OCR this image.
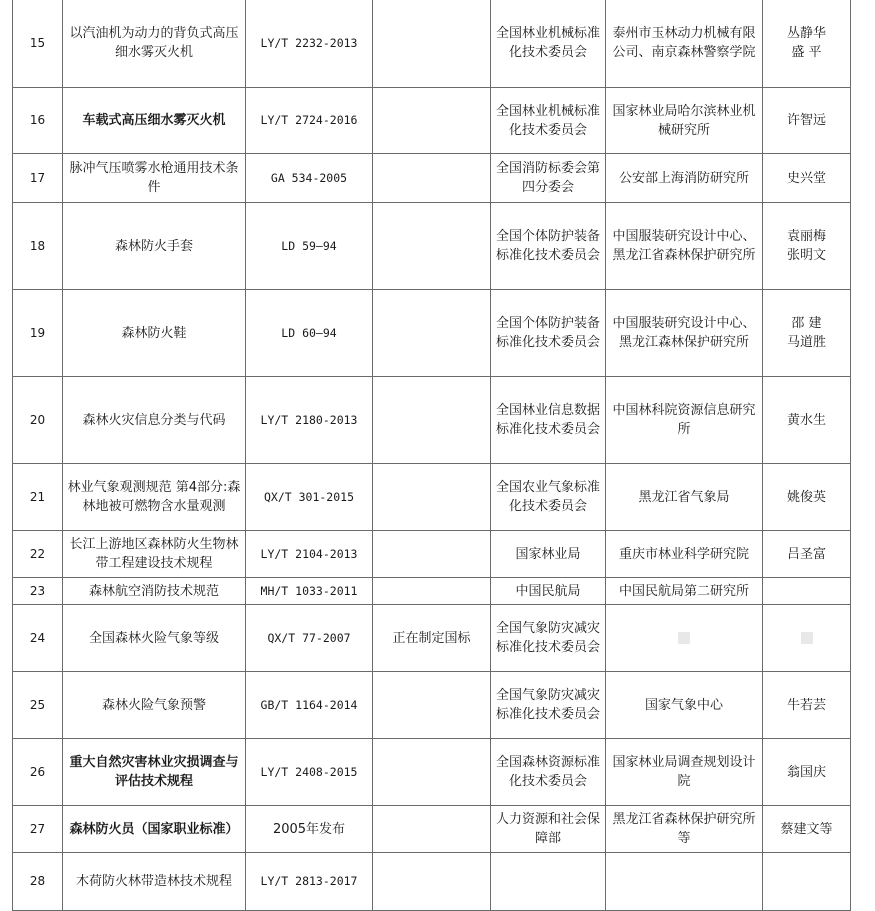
15	以汽油机为动力的背负式高压细水雾灭火机	LY/T 2232-2013		全国林业机械标准化技术委员会	泰州市玉林动力机械有限公司、南京森林警察学院	丛静华
盛 平
16	车载式高压细水雾灭火机	LY/T 2724-2016		全国林业机械标准化技术委员会	国家林业局哈尔滨林业机械研究所	许智远
17	脉冲气压喷雾水枪通用技术条件	GA 534-2005		全国消防标委会第四分委会	公安部上海消防研究所	史兴堂
18	森林防火手套	LD 59—94		全国个体防护装备
标准化技术委员会	中国服装研究设计中心、黑龙江省森林保护研究所	袁丽梅
张明文
19	森林防火鞋	LD 60—94		全国个体防护装备
标准化技术委员会	中国服装研究设计中心、黑龙江森林保护研究所	邵 建
马道胜
20	森林火灾信息分类与代码	LY/T 2180-2013		全国林业信息数据
标准化技术委员会	中国林科院资源信息研究所	黄水生
21	林业气象观测规范 第4部分:森林地被可燃物含水量观测	QX/T 301-2015		全国农业气象标准化技术委员会	黑龙江省气象局	姚俊英
22	长江上游地区森林防火生物林带工程建设技术规程	LY/T 2104-2013		国家林业局	重庆市林业科学研究院	吕圣富
23	森林航空消防技术规范	MH/T 1033-2011		中国民航局	中国民航局第二研究所	
24	全国森林火险气象等级	QX/T 77-2007	正在制定国标	全国气象防灾减灾标准化技术委员会		
25	森林火险气象预警	GB/T 1164-2014		全国气象防灾减灾标准化技术委员会	国家气象中心	牛若芸
26	重大自然灾害林业灾损调查与评估技术规程	LY/T 2408-2015		全国森林资源标准化技术委员会	国家林业局调查规划设计院	翁国庆
27	森林防火员（国家职业标准）	2005年发布		人力资源和社会保障部	黑龙江省森林保护研究所等	蔡建文等
28	木荷防火林带造林技术规程	LY/T 2813-2017				
